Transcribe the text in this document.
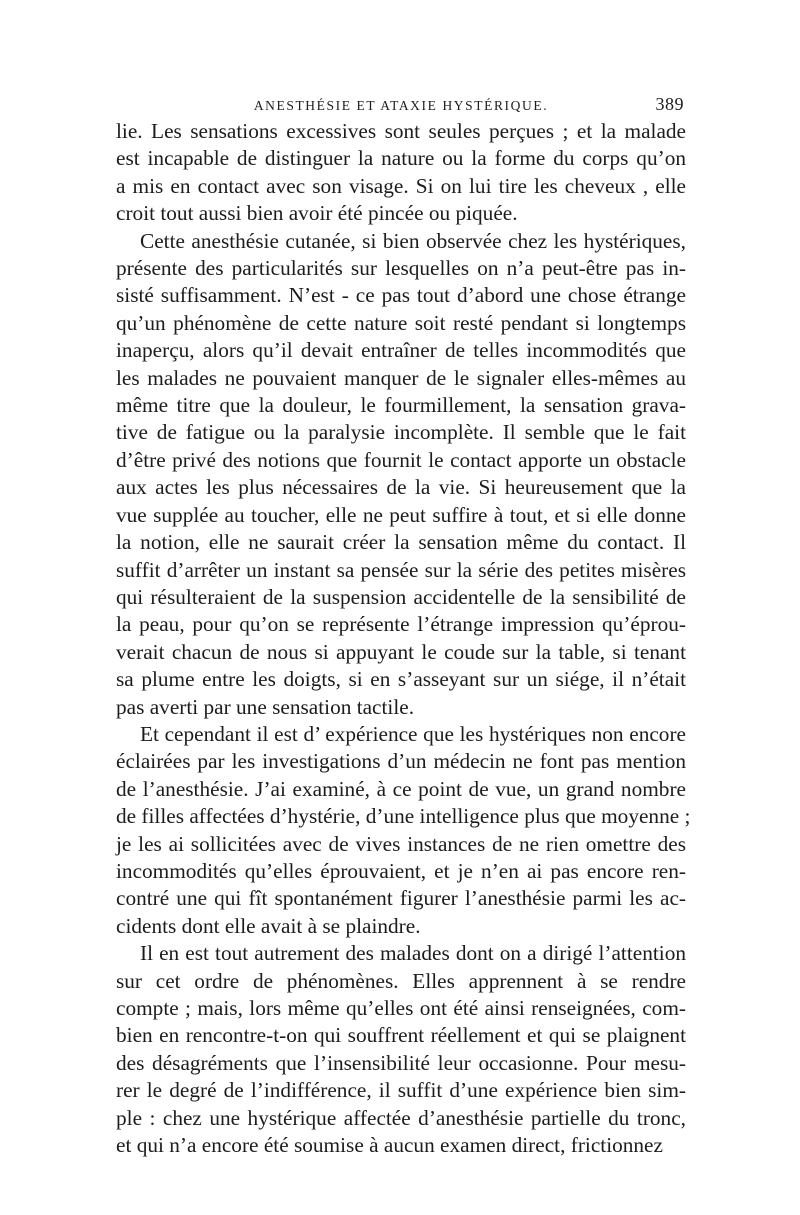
ANESTHÉSIE ET ATAXIE HYSTÉRIQUE.	389

lie. Les sensations excessives sont seules perçues ; et la malade
est incapable de distinguer la nature ou la forme du corps qu’on
a mis en contact avec son visage. Si on lui tire les cheveux , elle
croit tout aussi bien avoir été pincée ou piquée.

Cette anesthésie cutanée, si bien observée chez les hystériques,
présente des particularités sur lesquelles on n’a peut-être pas in-
sisté suffisamment. N’est - ce pas tout d’abord une chose étrange
qu’un phénomène de cette nature soit resté pendant si longtemps
inaperçu, alors qu’il devait entraîner de telles incommodités que
les malades ne pouvaient manquer de le signaler elles-mêmes au
même titre que la douleur, le fourmillement, la sensation grava-
tive de fatigue ou la paralysie incomplète. Il semble que le fait
d’être privé des notions que fournit le contact apporte un obstacle
aux actes les plus nécessaires de la vie. Si heureusement que la
vue supplée au toucher, elle ne peut suffire à tout, et si elle donne
la notion, elle ne saurait créer la sensation même du contact. Il
suffit d’arrêter un instant sa pensée sur la série des petites misères
qui résulteraient de la suspension accidentelle de la sensibilité de
la peau, pour qu’on se représente l’étrange impression qu’éprou-
verait chacun de nous si appuyant le coude sur la table, si tenant
sa plume entre les doigts, si en s’asseyant sur un siége, il n’était
pas averti par une sensation tactile.

Et cependant il est d’ expérience que les hystériques non encore
éclairées par les investigations d’un médecin ne font pas mention
de l’anesthésie. J’ai examiné, à ce point de vue, un grand nombre
de filles affectées d’hystérie, d’une intelligence plus que moyenne ;
je les ai sollicitées avec de vives instances de ne rien omettre des
incommodités qu’elles éprouvaient, et je n’en ai pas encore ren-
contré une qui fît spontanément figurer l’anesthésie parmi les ac-
cidents dont elle avait à se plaindre.

Il en est tout autrement des malades dont on a dirigé l’attention
sur cet ordre de phénomènes. Elles apprennent à se rendre
compte ; mais, lors même qu’elles ont été ainsi renseignées, com-
bien en rencontre-t-on qui souffrent réellement et qui se plaignent
des désagréments que l’insensibilité leur occasionne. Pour mesu-
rer le degré de l’indifférence, il suffit d’une expérience bien sim-
ple : chez une hystérique affectée d’anesthésie partielle du tronc,
et qui n’a encore été soumise à aucun examen direct, frictionnez
